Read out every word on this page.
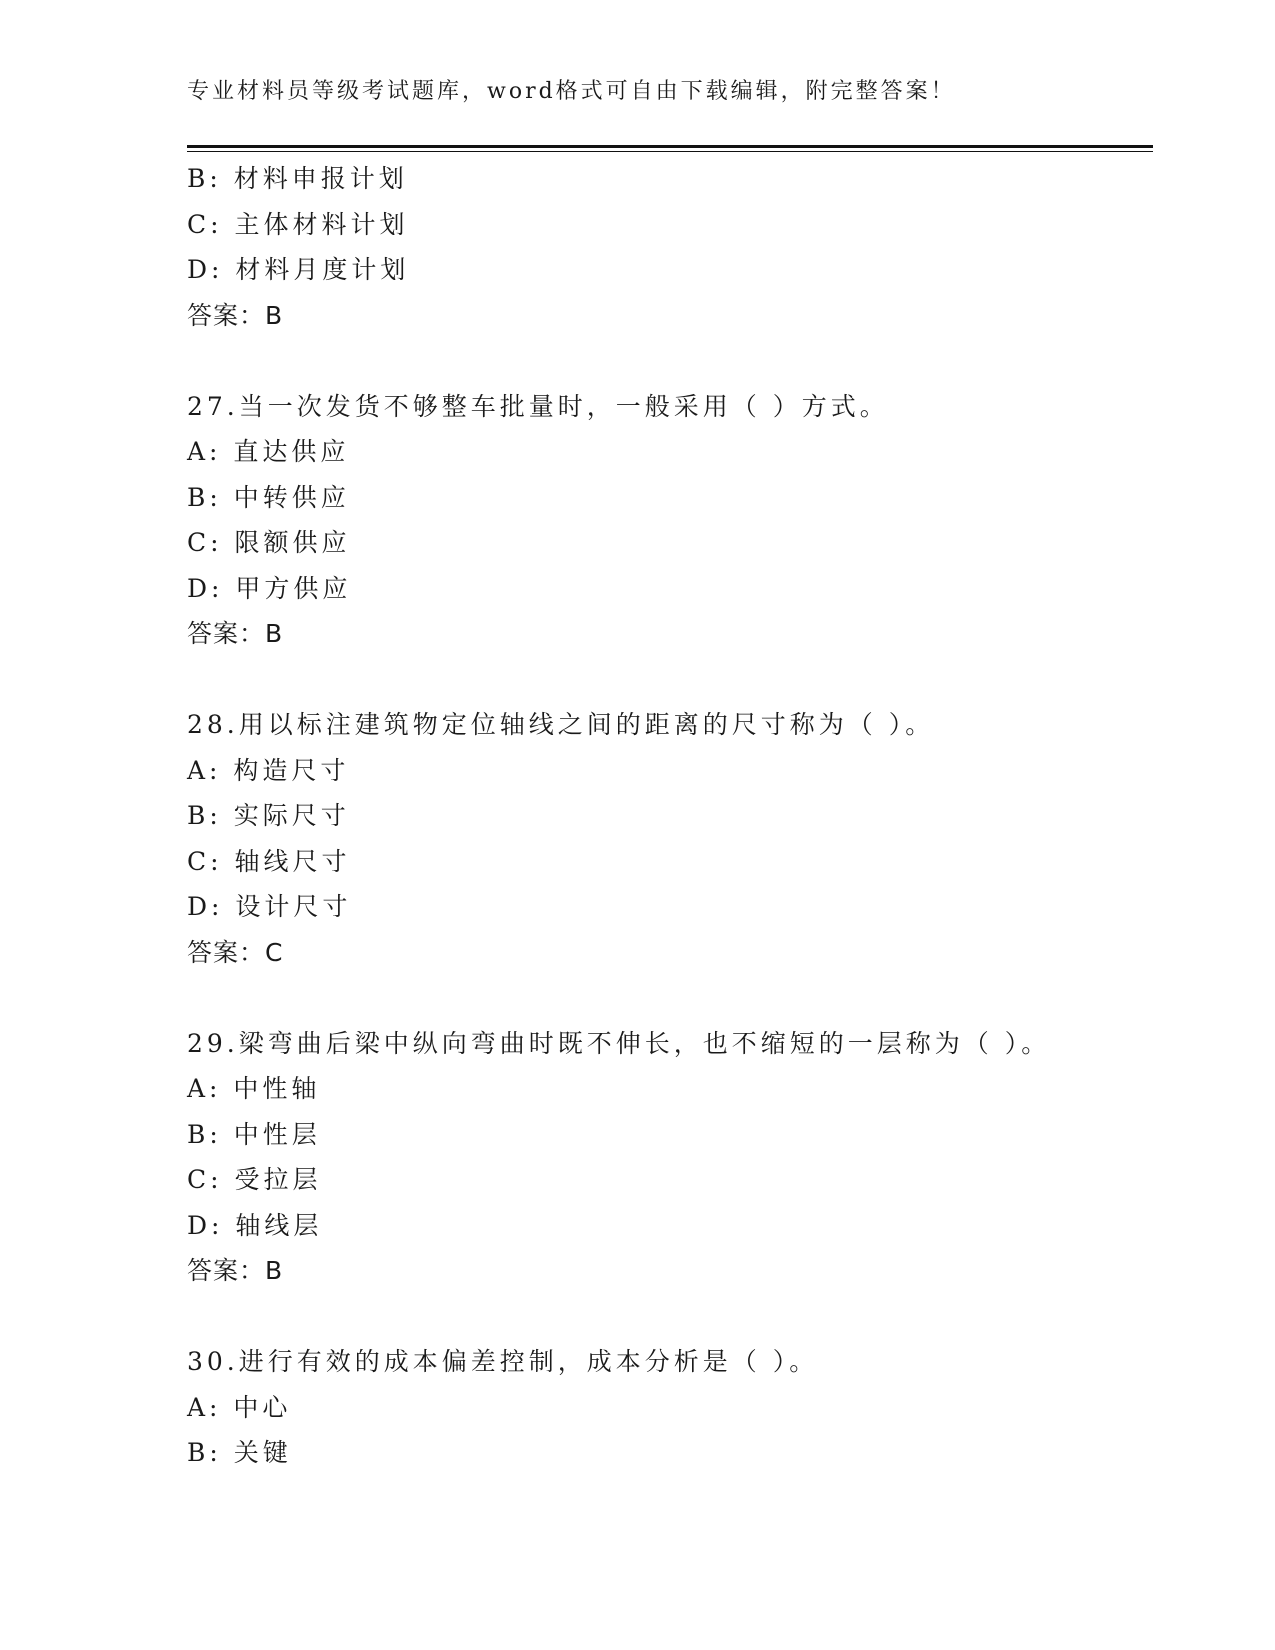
专业材料员等级考试题库，word格式可自由下载编辑，附完整答案！
B: 材料申报计划
C: 主体材料计划
D: 材料月度计划
答案：B
27.当一次发货不够整车批量时，一般采用（ ）方式。
A: 直达供应
B: 中转供应
C: 限额供应
D: 甲方供应
答案：B
28.用以标注建筑物定位轴线之间的距离的尺寸称为（ ）。
A: 构造尺寸
B: 实际尺寸
C: 轴线尺寸
D: 设计尺寸
答案：C
29.梁弯曲后梁中纵向弯曲时既不伸长，也不缩短的一层称为（ ）。
A: 中性轴
B: 中性层
C: 受拉层
D: 轴线层
答案：B
30.进行有效的成本偏差控制，成本分析是（ ）。
A: 中心
B: 关键
